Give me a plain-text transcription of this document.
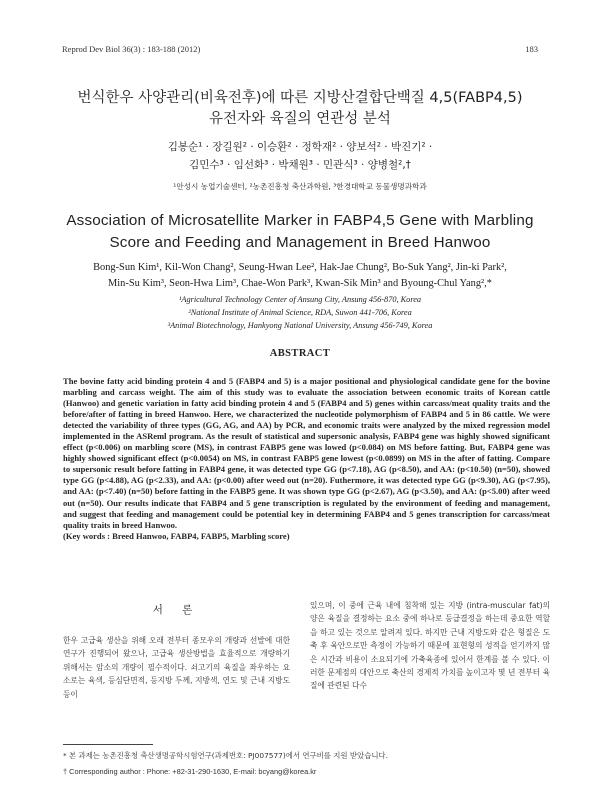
Reprod Dev Biol 36(3) : 183-188 (2012)	183
번식한우 사양관리(비육전후)에 따른 지방산결합단백질 4,5(FABP4,5)
유전자와 육질의 연관성 분석
김봉순¹ · 장길원² · 이승환² · 정학재² · 양보석² · 박진기² ·
김민수³ · 임선화³ · 박채원³ · 민관식³ · 양병철²,†
¹안성시 농업기술센터, ²농촌진흥청 축산과학원, ³한경대학교 동물생명과학과
Association of Microsatellite Marker in FABP4,5 Gene with Marbling
Score and Feeding and Management in Breed Hanwoo
Bong-Sun Kim¹, Kil-Won Chang², Seung-Hwan Lee², Hak-Jae Chung², Bo-Suk Yang², Jin-ki Park²,
Min-Su Kim³, Seon-Hwa Lim³, Chae-Won Park³, Kwan-Sik Min³ and Byoung-Chul Yang²,*
¹Agricultural Technology Center of Ansung City, Ansung 456-870, Korea
²National Institute of Animal Science, RDA, Suwon 441-706, Korea
³Animal Biotechnology, Hankyong National University, Ansung 456-749, Korea
ABSTRACT

The bovine fatty acid binding protein 4 and 5 (FABP4 and 5) is a major positional and physiological candidate gene for the bovine marbling and carcass weight. The aim of this study was to evaluate the association between economic traits of Korean cattle (Hanwoo) and genetic variation in fatty acid binding protein 4 and 5 (FABP4 and 5) genes within carcass/meat quality traits and the before/after of fatting in breed Hanwoo. Here, we characterized the nucleotide polymorphism of FABP4 and 5 in 86 cattle. We were detected the variability of three types (GG, AG, and AA) by PCR, and economic traits were analyzed by the mixed regression model implemented in the ASReml program. As the result of statistical and supersonic analysis, FABP4 gene was highly showed significant effect (p<0.006) on marbling score (MS), in contrast FABP5 gene was lowed (p<0.084) on MS before fatting. But, FABP4 gene was highly showed significant effect (p<0.0054) on MS, in contrast FABP5 gene lowest (p<0.0899) on MS in the after of fatting. Compare to supersonic result before fatting in FABP4 gene, it was detected type GG (p<7.18), AG (p<8.50), and AA: (p<10.50) (n=50), showed type GG (p<4.88), AG (p<2.33), and AA: (p<0.00) after weed out (n=20). Futhermore, it was detected type GG (p<9.30), AG (p<7.95), and AA: (p<7.40) (n=50) before fatting in the FABP5 gene. It was shown type GG (p<2.67), AG (p<3.50), and AA: (p<5.00) after weed out (n=50). Our results indicate that FABP4 and 5 gene transcription is regulated by the environment of feeding and management, and suggest that feeding and management could be potential key in determining FABP4 and 5 genes transcription for carcass/meat quality traits in breed Hanwoo.

(Key words : Breed Hanwoo, FABP4, FABP5, Marbling score)

서 론
한우 고급육 생산을 위해 오래 전부터 종모우의 개량과 선발에 대한 연구가 진행되어 왔으나, 고급육 생산방법을 효율적으로 개량하기 위해서는 암소의 개량이 필수적이다. 쇠고기의 육질을 좌우하는 요소로는 육색, 등심단면적, 등지방 두께, 지방색, 연도 및 근내 지방도 등이
있으며, 이 중에 근육 내에 침착해 있는 지방 (intra-muscular fat)의 양은 육질을 결정하는 요소 중에 하나로 등급결정을 하는데 중요한 역할을 하고 있는 것으로 알려져 있다. 하지만 근내 지방도와 같은 형질은 도축 후 육안으로만 측정이 가능하기 때문에 표현형의 성적을 얻기까지 많은 시간과 비용이 소요되기에 가축육종에 있어서 한계를 볼 수 있다. 이러한 문제점의 대안으로 축산의 경제적 가치를 높이고자 몇 년 전부터 육질에 관련된 다수
* 본 과제는 농촌진흥청 축산생명공학시험연구(과제번호: PJ007577)에서 연구비를 지원 받았습니다.
† Corresponding author : Phone: +82-31-290-1630, E-mail: bcyang@korea.kr
